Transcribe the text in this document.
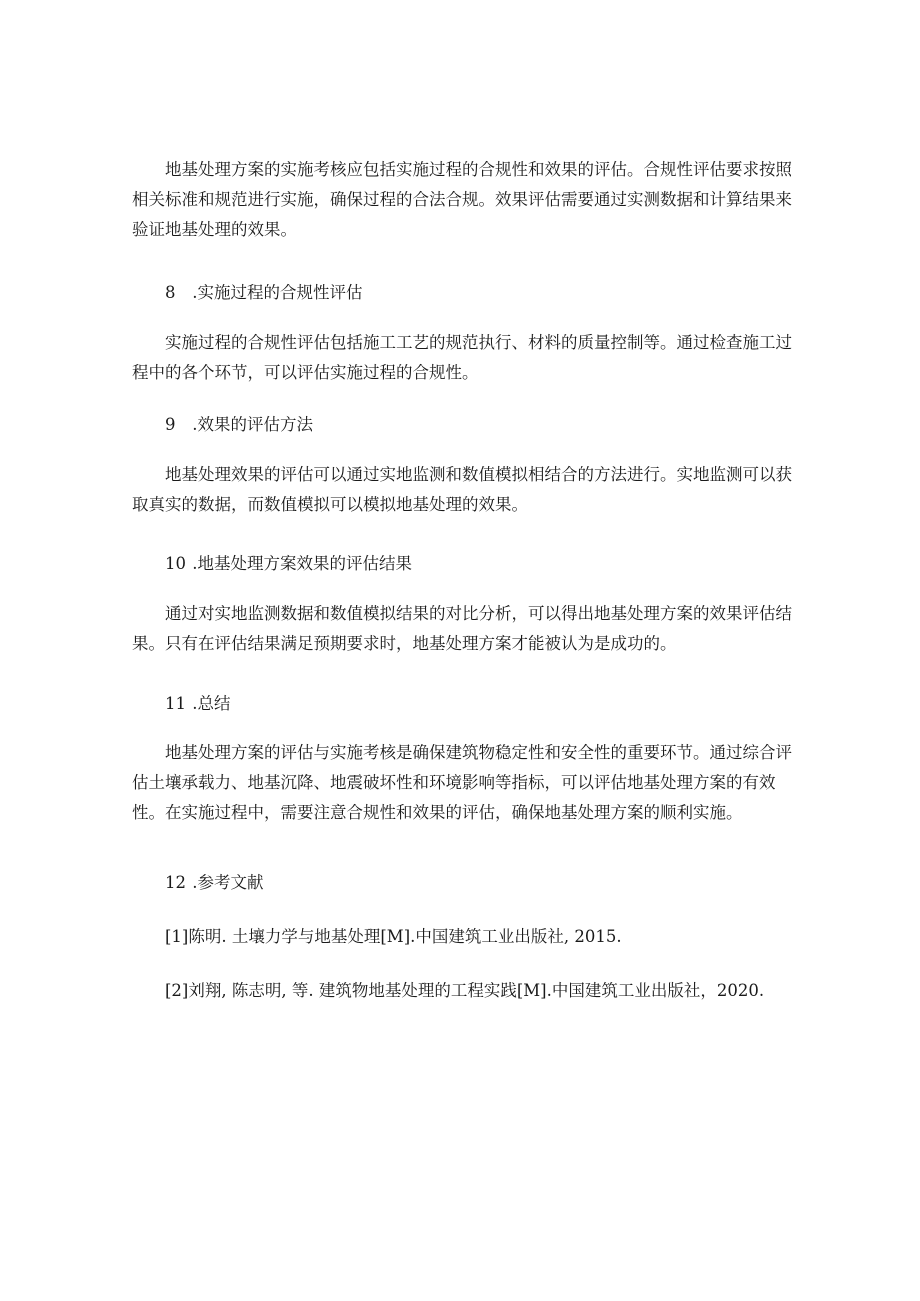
地基处理方案的实施考核应包括实施过程的合规性和效果的评估。合规性评估要求按照相关标准和规范进行实施，确保过程的合法合规。效果评估需要通过实测数据和计算结果来验证地基处理的效果。

8 .实施过程的合规性评估

实施过程的合规性评估包括施工工艺的规范执行、材料的质量控制等。通过检查施工过程中的各个环节，可以评估实施过程的合规性。

9 .效果的评估方法

地基处理效果的评估可以通过实地监测和数值模拟相结合的方法进行。实地监测可以获取真实的数据，而数值模拟可以模拟地基处理的效果。

10 .地基处理方案效果的评估结果

通过对实地监测数据和数值模拟结果的对比分析，可以得出地基处理方案的效果评估结果。只有在评估结果满足预期要求时，地基处理方案才能被认为是成功的。

11 .总结

地基处理方案的评估与实施考核是确保建筑物稳定性和安全性的重要环节。通过综合评估土壤承载力、地基沉降、地震破坏性和环境影响等指标，可以评估地基处理方案的有效性。在实施过程中，需要注意合规性和效果的评估，确保地基处理方案的顺利实施。

12 .参考文献

[1]陈明. 土壤力学与地基处理[M].中国建筑工业出版社, 2015.

[2]刘翔, 陈志明, 等. 建筑物地基处理的工程实践[M].中国建筑工业出版社，2020.
